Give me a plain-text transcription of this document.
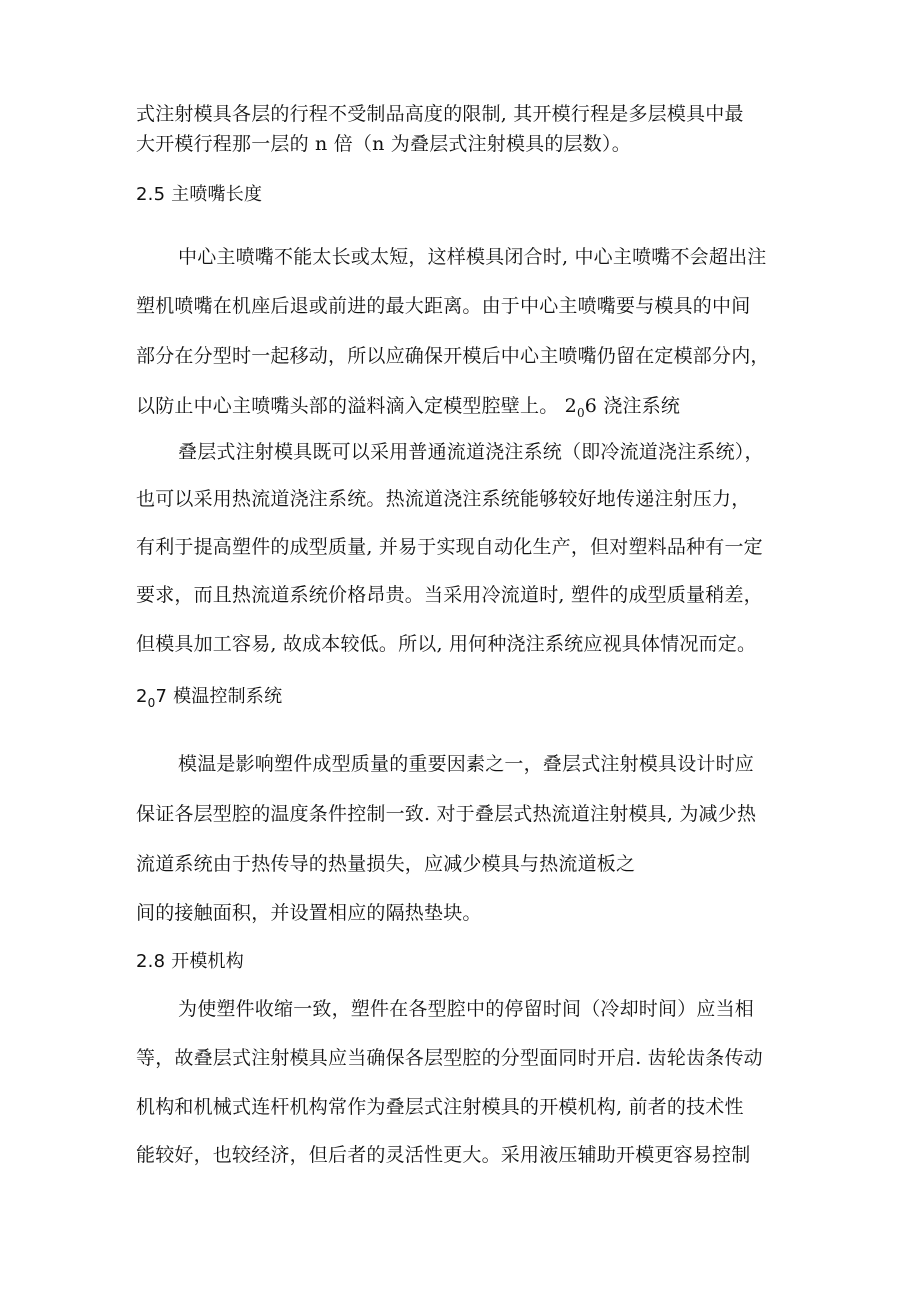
式注射模具各层的行程不受制品高度的限制, 其开模行程是多层模具中最
大开模行程那一层的 n 倍（n 为叠层式注射模具的层数）。
2.5 主喷嘴长度
中心主喷嘴不能太长或太短，这样模具闭合时, 中心主喷嘴不会超出注
塑机喷嘴在机座后退或前进的最大距离。由于中心主喷嘴要与模具的中间
部分在分型时一起移动，所以应确保开模后中心主喷嘴仍留在定模部分内，
以防止中心主喷嘴头部的溢料滴入定模型腔壁上。 $2_06$ 浇注系统
叠层式注射模具既可以采用普通流道浇注系统（即冷流道浇注系统），
也可以采用热流道浇注系统。热流道浇注系统能够较好地传递注射压力，
有利于提高塑件的成型质量, 并易于实现自动化生产，但对塑料品种有一定
要求，而且热流道系统价格昂贵。当采用冷流道时, 塑件的成型质量稍差，
但模具加工容易, 故成本较低。所以, 用何种浇注系统应视具体情况而定。
$2_07$ 模温控制系统
模温是影响塑件成型质量的重要因素之一，叠层式注射模具设计时应
保证各层型腔的温度条件控制一致. 对于叠层式热流道注射模具, 为减少热
流道系统由于热传导的热量损失，应减少模具与热流道板之
间的接触面积，并设置相应的隔热垫块。
2.8 开模机构
为使塑件收缩一致，塑件在各型腔中的停留时间（冷却时间）应当相
等，故叠层式注射模具应当确保各层型腔的分型面同时开启. 齿轮齿条传动
机构和机械式连杆机构常作为叠层式注射模具的开模机构, 前者的技术性
能较好，也较经济，但后者的灵活性更大。采用液压辅助开模更容易控制
